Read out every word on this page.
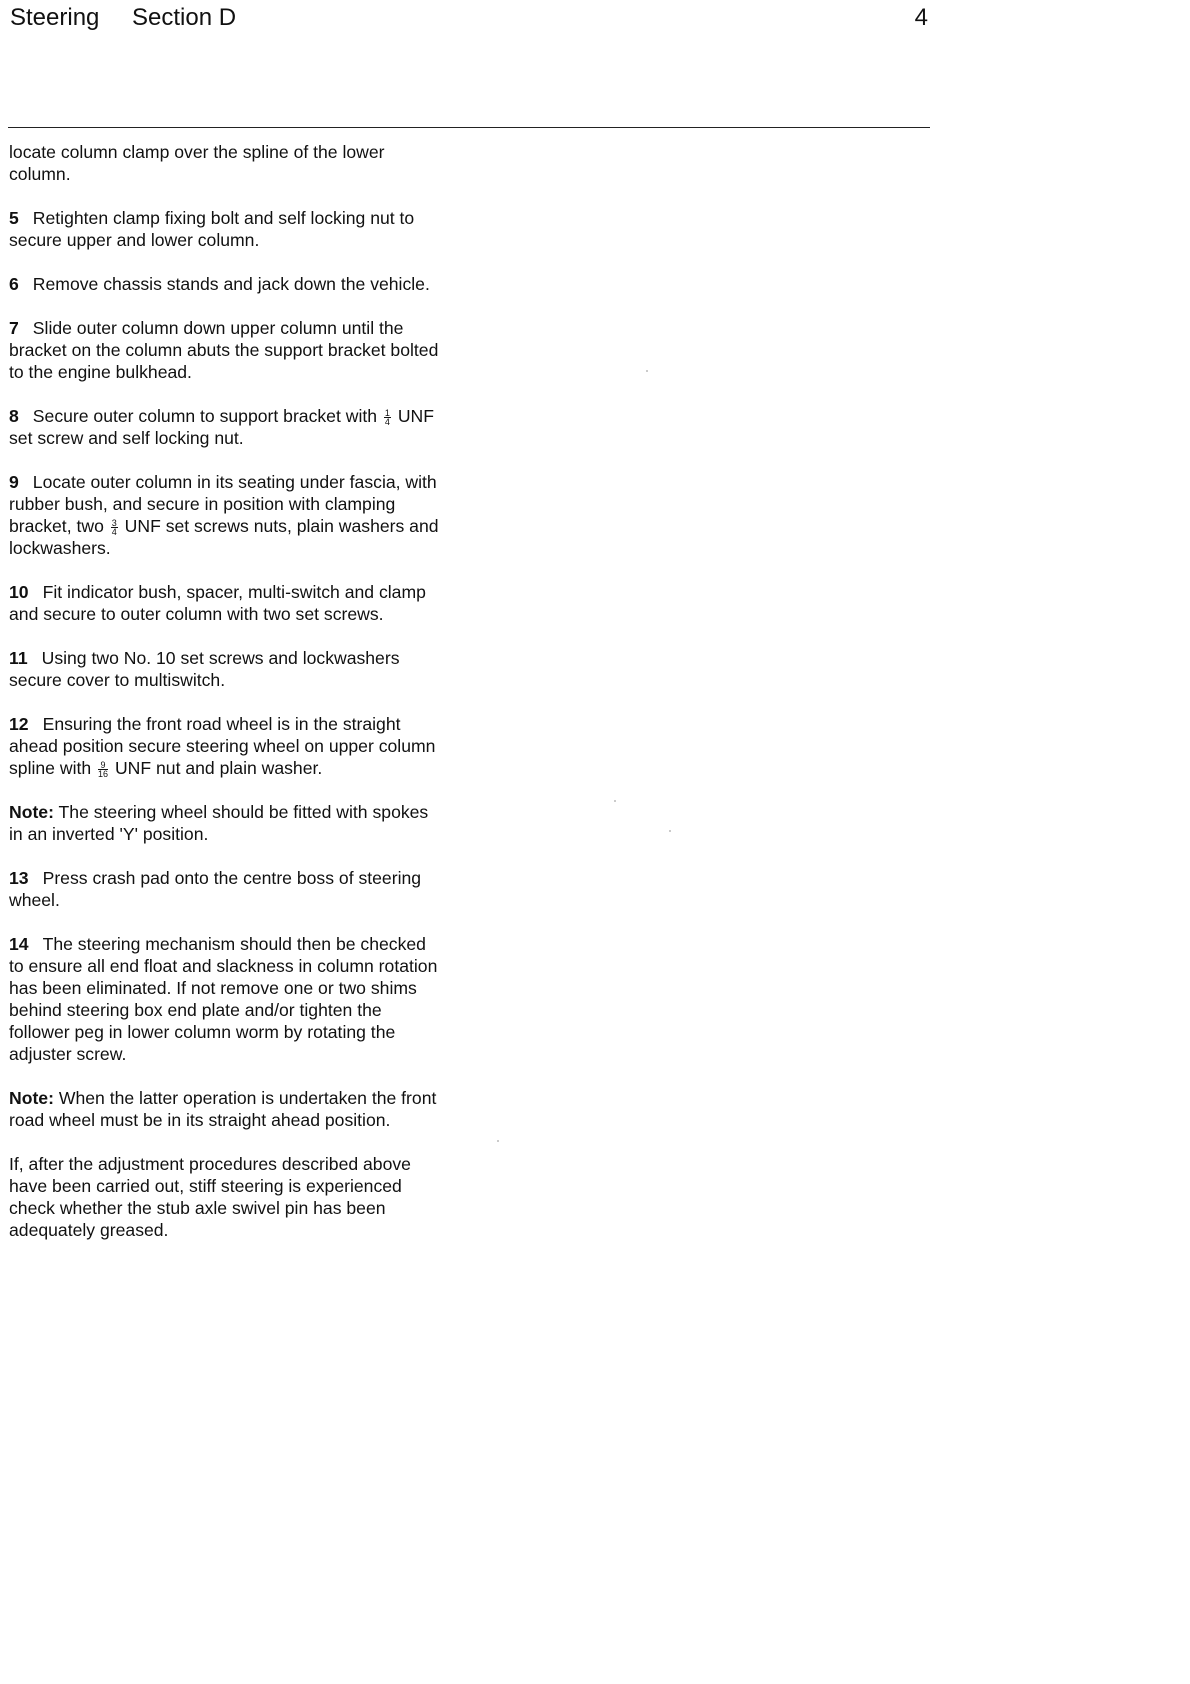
Steering Section D	4

locate column clamp over the spline of the lower column.

5 Retighten clamp fixing bolt and self locking nut to secure upper and lower column.

6 Remove chassis stands and jack down the vehicle.

7 Slide outer column down upper column until the bracket on the column abuts the support bracket bolted to the engine bulkhead.

8 Secure outer column to support bracket with $\frac{1}{4}$ UNF set screw and self locking nut.

9 Locate outer column in its seating under fascia, with rubber bush, and secure in position with clamping bracket, two $\frac{3}{4}$ UNF set screws nuts, plain washers and lockwashers.

10 Fit indicator bush, spacer, multi-switch and clamp and secure to outer column with two set screws.

11 Using two No. 10 set screws and lockwashers secure cover to multiswitch.

12 Ensuring the front road wheel is in the straight ahead position secure steering wheel on upper column spline with $\frac{9}{16}$ UNF nut and plain washer.

Note: The steering wheel should be fitted with spokes in an inverted 'Y' position.

13 Press crash pad onto the centre boss of steering wheel.

14 The steering mechanism should then be checked to ensure all end float and slackness in column rotation has been eliminated. If not remove one or two shims behind steering box end plate and/or tighten the follower peg in lower column worm by rotating the adjuster screw.

Note: When the latter operation is undertaken the front road wheel must be in its straight ahead position.

If, after the adjustment procedures described above have been carried out, stiff steering is experienced check whether the stub axle swivel pin has been adequately greased.
